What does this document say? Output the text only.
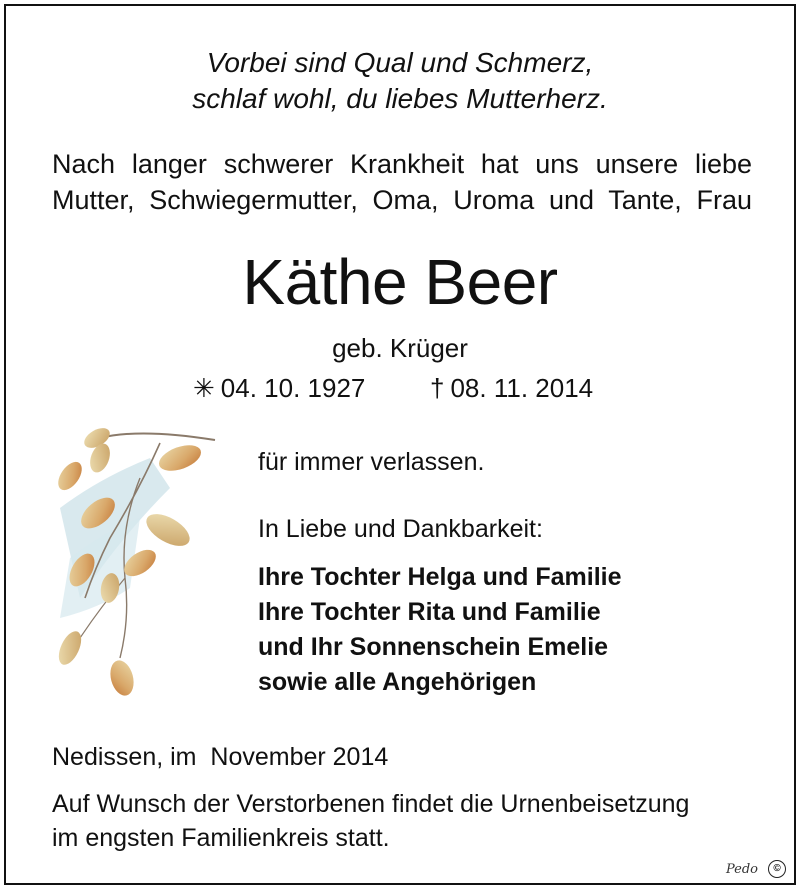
Vorbei sind Qual und Schmerz,
schlaf wohl, du liebes Mutterherz.
Nach langer schwerer Krankheit hat uns unsere liebe
Mutter, Schwiegermutter, Oma, Uroma und Tante, Frau
Käthe Beer
geb. Krüger
✳ 04. 10. 1927 † 08. 11. 2014
für immer verlassen.
In Liebe und Dankbarkeit:
Ihre Tochter Helga und Familie
Ihre Tochter Rita und Familie
und Ihr Sonnenschein Emelie
sowie alle Angehörigen
Nedissen, im  November 2014
Auf Wunsch der Verstorbenen findet die Urnenbeisetzung
im engsten Familienkreis statt.
Pedo	©
